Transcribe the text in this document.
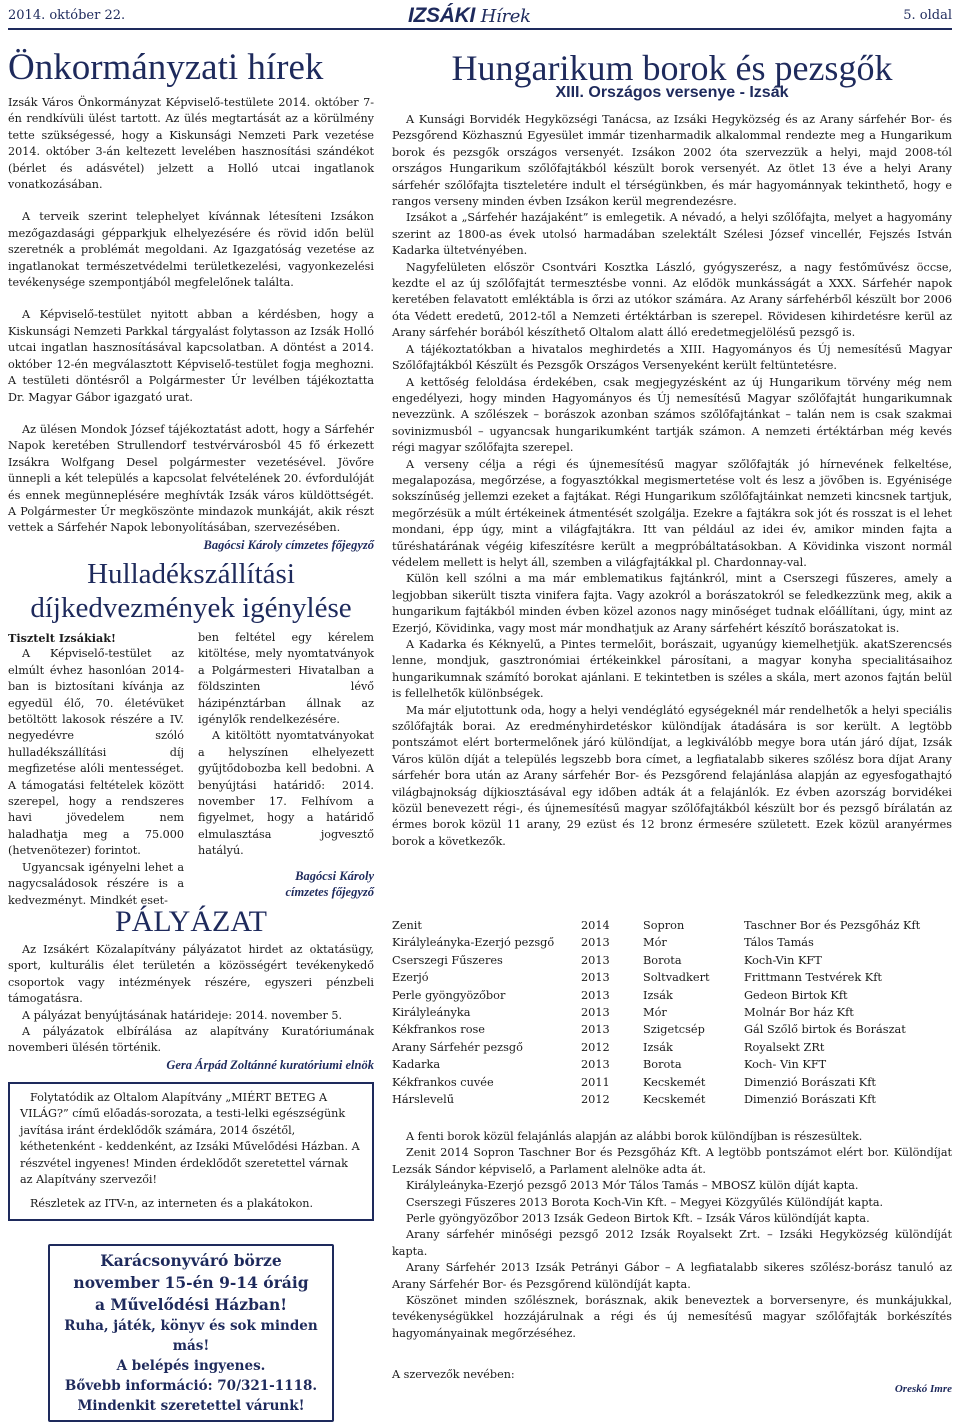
2014. október 22.	IZSÁKI Hírek	5. oldal
Önkormányzati hírek

Izsák Város Önkormányzat Képviselő-testülete 2014. október 7-én rendkívüli ülést tartott. Az ülés megtartását az a körülmény tette szükségessé, hogy a Kiskunsági Nemzeti Park vezetése 2014. október 3-án keltezett levelében hasznosítási szándékot (bérlet és adásvétel) jelzett a Holló utcai ingatlanok vonatkozásában.

A terveik szerint telephelyet kívánnak létesíteni Izsákon mezőgazdasági gépparkjuk elhelyezésére és rövid időn belül szeretnék a problémát megoldani. Az Igazgatóság vezetése az ingatlanokat természetvédelmi területkezelési, vagyonkezelési tevékenysége szempontjából megfelelőnek találta.

A Képviselő-testület nyitott abban a kérdésben, hogy a Kiskunsági Nemzeti Parkkal tárgyalást folytasson az Izsák Holló utcai ingatlan hasznosításával kapcsolatban. A döntést a 2014. október 12-én megválasztott Képviselő-testület fogja meghozni. A testületi döntésről a Polgármester Úr levélben tájékoztatta Dr. Magyar Gábor igazgató urat.

Az ülésen Mondok József tájékoztatást adott, hogy a Sárfehér Napok keretében Strullendorf testvérvárosból 45 fő érkezett Izsákra Wolfgang Desel polgármester vezetésével. Jövőre ünnepli a két település a kapcsolat felvételének 20. évfordulóját és ennek megünneplésére meghívták Izsák város küldöttségét. A Polgármester Úr megköszönte mindazok munkáját, akik részt vettek a Sárfehér Napok lebonyolításában, szervezésében.

Bagócsi Károly címzetes főjegyző

Hulladékszállítási
díjkedvezmények igénylése

Tisztelt Izsákiak!

A Képviselő-testület az elmúlt évhez hasonlóan 2014-ban is biztosítani kívánja az egyedül élő, 70. életévüket betöltött lakosok részére a IV. negyedévre szóló hulladékszállítási díj megfizetése alóli mentességet. A támogatási feltételek között szerepel, hogy a rendszeres havi jövedelem nem haladhatja meg a 75.000 (hetvenötezer) forintot.

Ugyancsak igényelni lehet a nagycsaládosok részére is a kedvezményt. Mindkét eset-

ben feltétel egy kérelem kitöltése, mely nyomtatványok a Polgármesteri Hivatalban a földszinten lévő házipénztárban állnak az igénylők rendelkezésére.

A kitöltött nyomtatványokat a helyszínen elhelyezett gyűjtődobozba kell bedobni. A benyújtási határidő: 2014. november 17. Felhívom a figyelmet, hogy a határidő elmulasztása jogvesztő hatályú.

Bagócsi Károly

címzetes főjegyző

PÁLYÁZAT

Az Izsákért Közalapítvány pályázatot hirdet az oktatásügy, sport, kulturális élet területén a közösségért tevékenykedő csoportok vagy intézmények részére, egyszeri pénzbeli támogatásra.

A pályázat benyújtásának határideje: 2014. november 5.

A pályázatok elbírálása az alapítvány Kuratóriumának novemberi ülésén történik.

Gera Árpád Zoltánné kuratóriumi elnök

Folytatódik az Oltalom Alapítvány „MIÉRT BETEG A VILÁG?” című előadás-sorozata, a testi-lelki egészségünk javítása iránt érdeklődők számára, 2014 őszétől, kéthetenként - keddenként, az Izsáki Művelődési Házban. A részvétel ingyenes! Minden érdeklődőt szeretettel várnak az Alapítvány szervezői!

Részletek az ITV-n, az interneten és a plakátokon.

Karácsonyváró börze
november 15-én 9-14 óráig
a Művelődési Házban!
Ruha, játék, könyv és sok minden más!
A belépés ingyenes.
Bővebb információ: 70/321-1118.
Mindenkit szeretettel várunk!
Hungarikum borok és pezsgők
XIII. Országos versenye - Izsák

A Kunsági Borvidék Hegyközségi Tanácsa, az Izsáki Hegyközség és az Arany sárfehér Bor- és Pezsgőrend Közhasznú Egyesület immár tizenharmadik alkalommal rendezte meg a Hungarikum borok és pezsgők országos versenyét. Izsákon 2002 óta szervezzük a helyi, majd 2008-tól országos Hungarikum szőlőfajtákból készült borok versenyét. Az ötlet 13 éve a helyi Arany sárfehér szőlőfajta tiszteletére indult el térségünkben, és már hagyománnyak tekinthető, hogy e rangos verseny minden évben Izsákon kerül megrendezésre.

Izsákot a „Sárfehér hazájaként” is emlegetik. A névadó, a helyi szőlőfajta, melyet a hagyomány szerint az 1800-as évek utolsó harmadában szelektált Szélesi József vincellér, Fejszés István Kadarka ültetvényében.

Nagyfelületen először Csontvári Kosztka László, gyógyszerész, a nagy festőművész öccse, kezdte el az új szőlőfajtát termesztésbe vonni. Az elődök munkásságát a XXX. Sárfehér napok keretében felavatott emléktábla is őrzi az utókor számára. Az Arany sárfehérből készült bor 2006 óta Védett eredetű, 2012-től a Nemzeti értéktárban is szerepel. Rövidesen kihirdetésre kerül az Arany sárfehér borából készíthető Oltalom alatt álló eredetmegjelölésű pezsgő is.

A tájékoztatókban a hivatalos meghirdetés a XIII. Hagyományos és Új nemesítésű Magyar Szőlőfajtákból Készült és Pezsgők Országos Versenyeként került feltüntetésre.

A kettőség feloldása érdekében, csak megjegyzésként az új Hungarikum törvény még nem engedélyezi, hogy minden Hagyományos és Új nemesítésű Magyar szőlőfajtát hungarikumnak nevezzünk. A szőlészek – borászok azonban számos szőlőfajtánkat – talán nem is csak szakmai sovinizmusból – ugyancsak hungarikumként tartják számon. A nemzeti értéktárban még kevés régi magyar szőlőfajta szerepel.

A verseny célja a régi és újnemesítésű magyar szőlőfajták jó hírnevének felkeltése, megalapozása, megőrzése, a fogyasztókkal megismertetése volt és lesz a jövőben is. Egyénisége sokszínűség jellemzi ezeket a fajtákat. Régi Hungarikum szőlőfajtáinkat nemzeti kincsnek tartjuk, megőrzésük a múlt értékeinek átmentését szolgálja. Ezekre a fajtákra sok jót és rosszat is el lehet mondani, épp úgy, mint a világfajtákra. Itt van például az idei év, amikor minden fajta a tűréshatárának végéig kifeszítésre került a megpróbáltatásokban. A Kövidinka viszont normál védelem mellett is helyt áll, szemben a világfajtákkal pl. Chardonnay-val.

Külön kell szólni a ma már emblematikus fajtánkról, mint a Cserszegi fűszeres, amely a legjobban sikerült tiszta vinifera fajta. Vagy azokról a borászatokról se feledkezzünk meg, akik a hungarikum fajtákból minden évben közel azonos nagy minőséget tudnak előállítani, úgy, mint az Ezerjó, Kövidinka, vagy most már mondhatjuk az Arany sárfehért készítő borászatokat is.

A Kadarka és Kéknyelű, a Pintes termelőit, borászait, ugyanúgy kiemelhetjük. akatSzerencsés lenne, mondjuk, gasztronómiai értékeinkkel párosítani, a magyar konyha specialitásaihoz hungarikumnak számító borokat ajánlani. E tekintetben is széles a skála, mert azonos fajtán belül is fellelhetők különbségek.

Ma már eljutottunk oda, hogy a helyi vendéglátó egységeknél már rendelhetők a helyi speciális szőlőfajták borai. Az eredményhirdetéskor különdíjak átadására is sor került. A legtöbb pontszámot elért bortermelőnek járó különdíjat, a legkiválóbb megye bora után járó díjat, Izsák Város külön díját a település legszebb bora címet, a legfiatalabb sikeres szőlész bora díjat Arany sárfehér bora után az Arany sárfehér Bor- és Pezsgőrend felajánlása alapján az egyesfogathajtó világbajnokság díjkiosztásával egy időben adták át a felajánlók. Ez évben azország borvidékei közül benevezett régi-, és újnemesítésű magyar szőlőfajtákból készült bor és pezsgő bírálatán az érmes borok közül 11 arany, 29 ezüst és 12 bronz érmesére született. Ezek közül aranyérmes borok a következők.

Zenit	2014	Sopron	Taschner Bor és Pezsgőház Kft
Királyleányka-Ezerjó pezsgő	2013	Mór	Tálos Tamás
Cserszegi Fűszeres	2013	Borota	Koch-Vin KFT
Ezerjó	2013	Soltvadkert	Frittmann Testvérek Kft
Perle gyöngyözőbor	2013	Izsák	Gedeon Birtok Kft
Királyleányka	2013	Mór	Molnár Bor ház Kft
Kékfrankos rose	2013	Szigetcsép	Gál Szőlő birtok és Borászat
Arany Sárfehér pezsgő	2012	Izsák	Royalsekt ZRt
Kadarka	2013	Borota	Koch- Vin KFT
Kékfrankos cuvée	2011	Kecskemét	Dimenzió Borászati Kft
Hárslevelű	2012	Kecskemét	Dimenzió Borászati Kft

A fenti borok közül felajánlás alapján az alábbi borok különdíjban is részesültek.

Zenit 2014 Sopron Taschner Bor és Pezsgőház Kft. A legtöbb pontszámot elért bor. Különdíjat Lezsák Sándor képviselő, a Parlament alelnöke adta át.

Királyleányka-Ezerjó pezsgő 2013 Mór Tálos Tamás – MBOSZ külön díját kapta.

Cserszegi Fűszeres 2013 Borota Koch-Vin Kft. – Megyei Közgyűlés Különdíját kapta.

Perle gyöngyözőbor 2013 Izsák Gedeon Birtok Kft. – Izsák Város különdíját kapta.

Arany sárfehér minőségi pezsgő 2012 Izsák Royalsekt Zrt. – Izsáki Hegyközség különdíját kapta.

Arany Sárfehér 2013 Izsák Petrányi Gábor – A legfiatalabb sikeres szőlész-borász tanuló az Arany Sárfehér Bor- és Pezsgőrend különdíját kapta.

Köszönet minden szőlésznek, borásznak, akik beneveztek a borversenyre, és munkájukkal, tevékenységükkel hozzájárulnak a régi és új nemesítésű magyar szőlőfajták borkészítés hagyományainak megőrzéséhez.

A szervezők nevében:
Oreskó Imre
